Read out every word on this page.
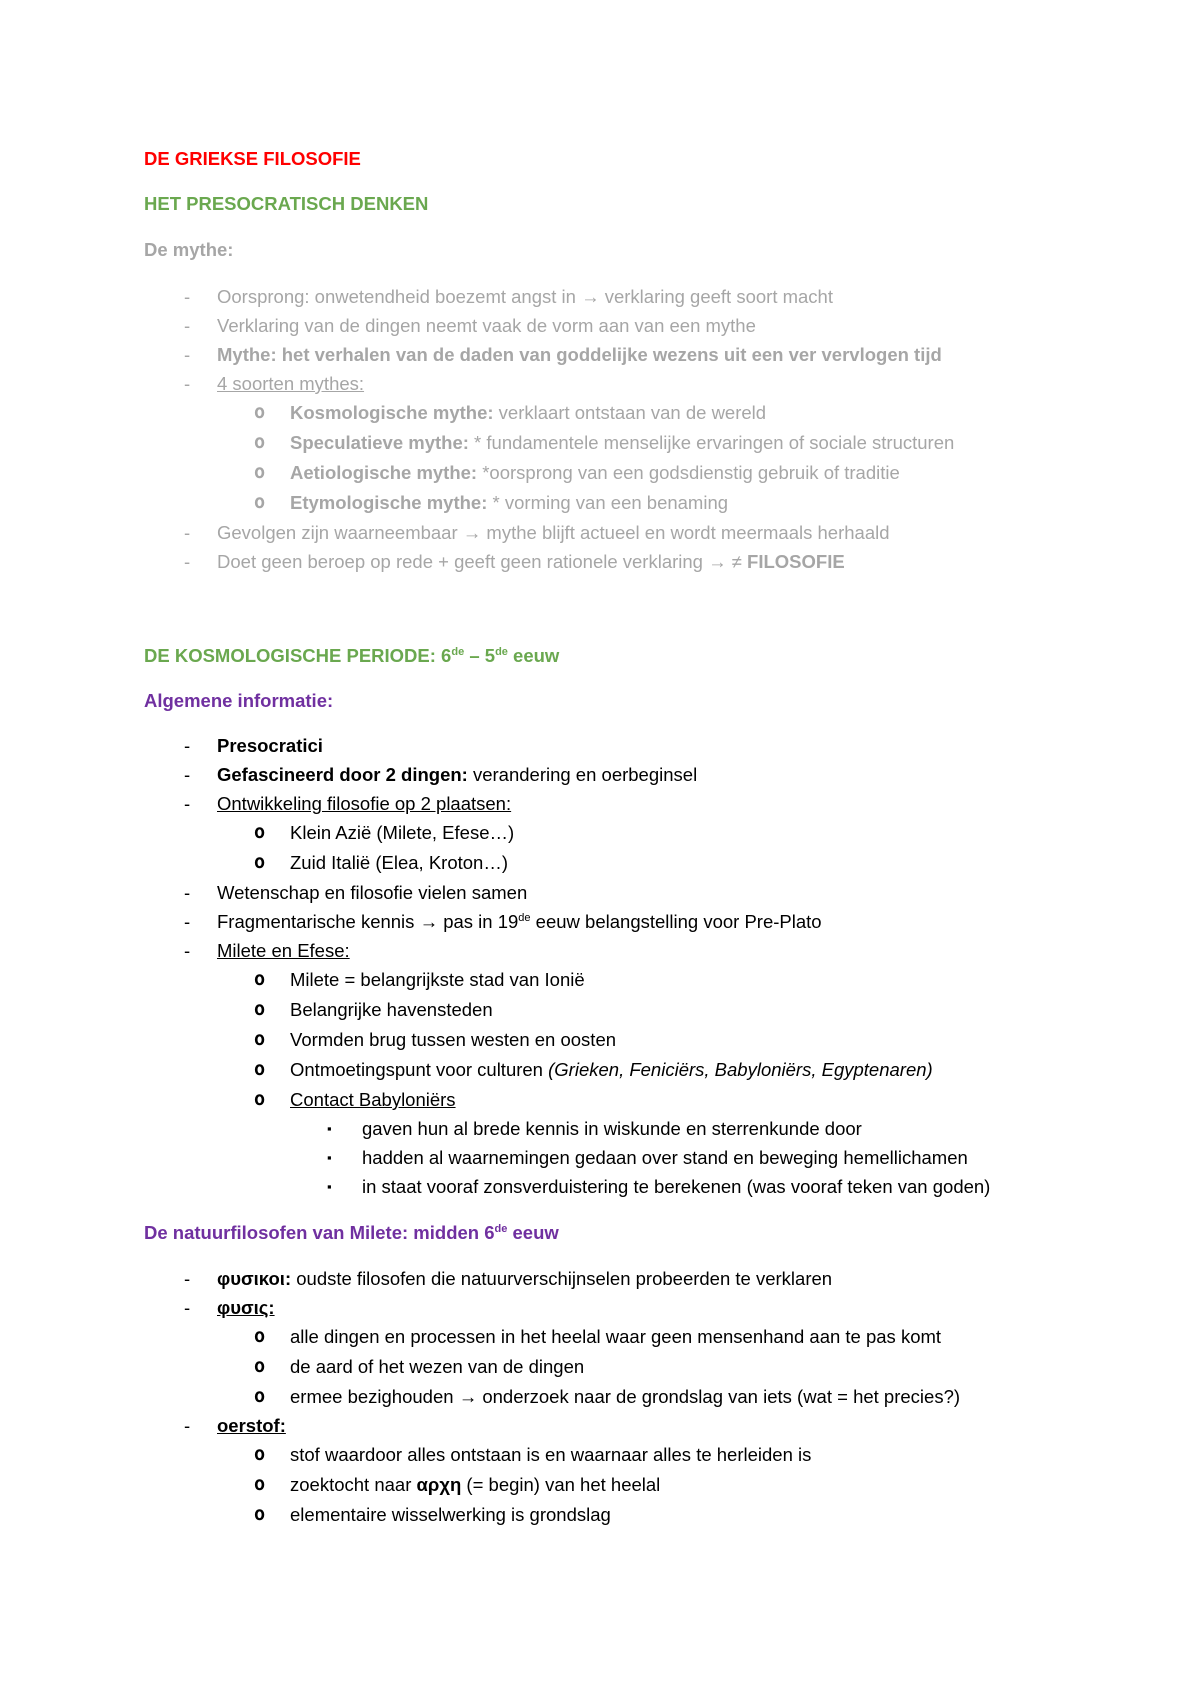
DE GRIEKSE FILOSOFIE
HET PRESOCRATISCH DENKEN
De mythe:
- Oorsprong: onwetendheid boezemt angst in → verklaring geeft soort macht
- Verklaring van de dingen neemt vaak de vorm aan van een mythe
- Mythe: het verhalen van de daden van goddelijke wezens uit een ver vervlogen tijd
- 4 soorten mythes:
o Kosmologische mythe: verklaart ontstaan van de wereld
o Speculatieve mythe: * fundamentele menselijke ervaringen of sociale structuren
o Aetiologische mythe: *oorsprong van een godsdienstig gebruik of traditie
o Etymologische mythe: * vorming van een benaming
- Gevolgen zijn waarneembaar → mythe blijft actueel en wordt meermaals herhaald
- Doet geen beroep op rede + geeft geen rationele verklaring → ≠ FILOSOFIE
DE KOSMOLOGISCHE PERIODE: 6de – 5de eeuw
Algemene informatie:
- Presocratici
- Gefascineerd door 2 dingen: verandering en oerbeginsel
- Ontwikkeling filosofie op 2 plaatsen:
o Klein Azië (Milete, Efese…)
o Zuid Italië (Elea, Kroton…)
- Wetenschap en filosofie vielen samen
- Fragmentarische kennis → pas in 19de eeuw belangstelling voor Pre-Plato
- Milete en Efese:
o Milete = belangrijkste stad van Ionië
o Belangrijke havensteden
o Vormden brug tussen westen en oosten
o Ontmoetingspunt voor culturen (Grieken, Feniciërs, Babyloniërs, Egyptenaren)
o Contact Babyloniërs
▪ gaven hun al brede kennis in wiskunde en sterrenkunde door
▪ hadden al waarnemingen gedaan over stand en beweging hemellichamen
▪ in staat vooraf zonsverduistering te berekenen (was vooraf teken van goden)
De natuurfilosofen van Milete: midden 6de eeuw
- φυσικοι: oudste filosofen die natuurverschijnselen probeerden te verklaren
- φυσις:
o alle dingen en processen in het heelal waar geen mensenhand aan te pas komt
o de aard of het wezen van de dingen
o ermee bezighouden → onderzoek naar de grondslag van iets (wat = het precies?)
- oerstof:
o stof waardoor alles ontstaan is en waarnaar alles te herleiden is
o zoektocht naar αρχη (= begin) van het heelal
o elementaire wisselwerking is grondslag
